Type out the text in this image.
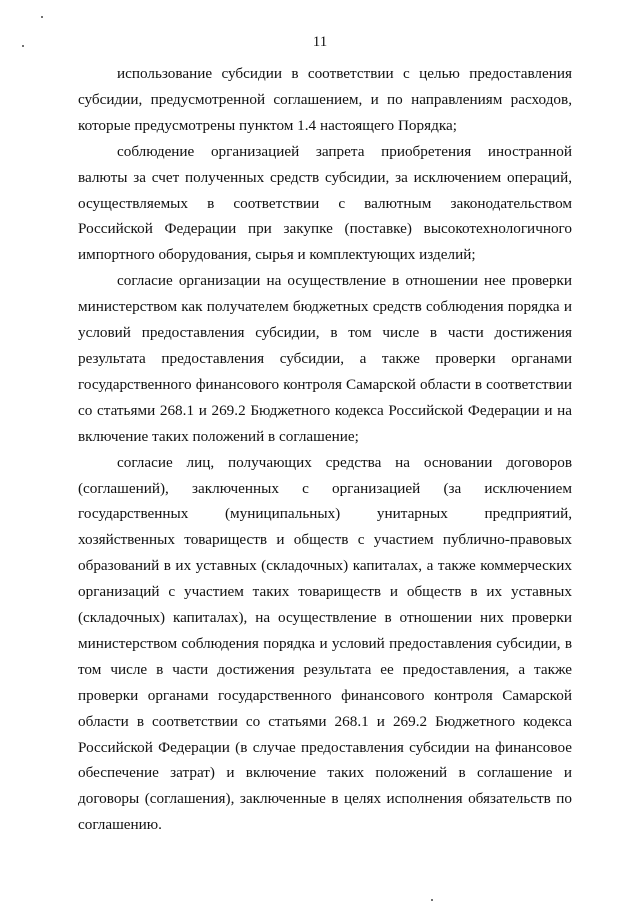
11

использование субсидии в соответствии с целью предоставления субсидии, предусмотренной соглашением, и по направлениям расходов, которые предусмотрены пунктом 1.4 настоящего Порядка;

соблюдение организацией запрета приобретения иностранной валюты за счет полученных средств субсидии, за исключением операций, осуществляемых в соответствии с валютным законодательством Российской Федерации при закупке (поставке) высокотехнологичного импортного оборудования, сырья и комплектующих изделий;

согласие организации на осуществление в отношении нее проверки министерством как получателем бюджетных средств соблюдения порядка и условий предоставления субсидии, в том числе в части достижения результата предоставления субсидии, а также проверки органами государственного финансового контроля Самарской области в соответствии со статьями 268.1 и 269.2 Бюджетного кодекса Российской Федерации и на включение таких положений в соглашение;

согласие лиц, получающих средства на основании договоров (соглашений), заключенных с организацией (за исключением государственных (муниципальных) унитарных предприятий, хозяйственных товариществ и обществ с участием публично-правовых образований в их уставных (складочных) капиталах, а также коммерческих организаций с участием таких товариществ и обществ в их уставных (складочных) капиталах), на осуществление в отношении них проверки министерством соблюдения порядка и условий предоставления субсидии, в том числе в части достижения результата ее предоставления, а также проверки органами государственного финансового контроля Самарской области в соответствии со статьями 268.1 и 269.2 Бюджетного кодекса Российской Федерации (в случае предоставления субсидии на финансовое обеспечение затрат) и включение таких положений в соглашение и договоры (соглашения), заключенные в целях исполнения обязательств по соглашению.
